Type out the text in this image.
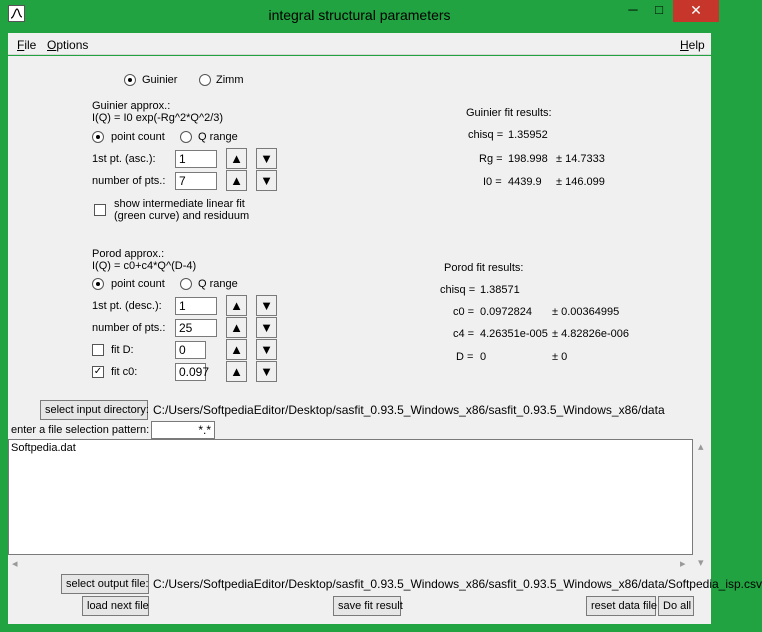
integral structural parameters	─	□	✕
File Options	Help
Guinier	Zimm
Guinier approx.:
I(Q) = I0 exp(-Rg^2*Q^2/3)
point count	Q range
1st pt. (asc.):	1	▲	▼
number of pts.:	7	▲	▼
show intermediate linear fit
(green curve) and residuum
Guinier fit results:
chisq = 1.35952
Rg = 198.998 ± 14.7333
I0 = 4439.9 ± 146.099
Porod approx.:
I(Q) = c0+c4*Q^(D-4)
point count	Q range
1st pt. (desc.):	1	▲	▼
number of pts.:	25	▲	▼
fit D:	0	▲	▼
✓ fit c0:	0.097	▲	▼
Porod fit results:
chisq = 1.38571
c0 = 0.0972824 ± 0.00364995
c4 = 4.26351e-005 ± 4.82826e-006
D = 0	± 0
select input directory: C:/Users/SoftpediaEditor/Desktop/sasfit_0.93.5_Windows_x86/sasfit_0.93.5_Windows_x86/data
enter a file selection pattern:	*.*
Softpedia.dat
◂	▸
▴
▾
select output file: C:/Users/SoftpediaEditor/Desktop/sasfit_0.93.5_Windows_x86/sasfit_0.93.5_Windows_x86/data/Softpedia_isp.csv
load next file	save fit result	reset data file Do all
